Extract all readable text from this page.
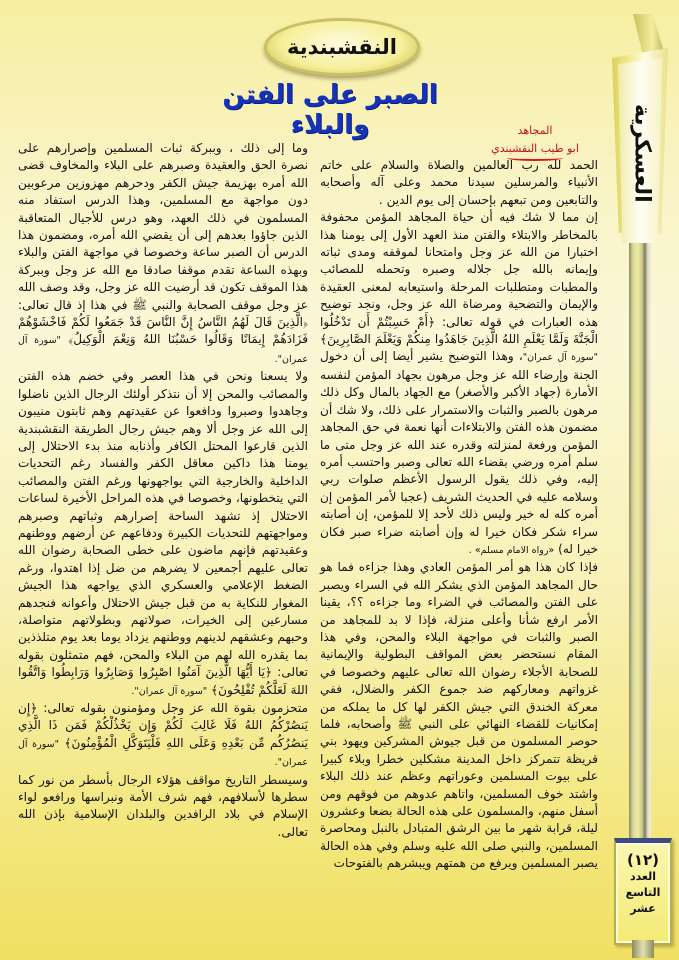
العسكرية
(١٢)
العدد
التاسع
عشر
النقشبندية
الصبر على الفتن والبلاء	المجاهد
ابو طيب النقشبندي

الحمد لله رب العالمين والصلاة والسلام على خاتم الأنبياء والمرسلين سيدنا محمد وعلى آله وأصحابه والتابعين ومن تبعهم بإحسان إلى يوم الدين .

إن مما لا شك فيه أن حياة المجاهد المؤمن محفوفة بالمخاطر والابتلاء والفتن منذ العهد الأول إلى يومنا هذا اختبارا من الله عز وجل وامتحانا لموقفه ومدى ثباته وإيمانه بالله جل جلاله وصبره وتحمله للمصائب والمطبات ومتطلبات المرحلة واستيعابه لمعنى العقيدة والإيمان والتضحية ومرضاة الله عز وجل، ونجد توضيح هذه العبارات في قوله تعالى: ﴿أَمْ حَسِبْتُمْ أَن تَدْخُلُوا الْجَنَّةَ وَلَمَّا يَعْلَمِ اللهُ الَّذِينَ جَاهَدُوا مِنكُمْ وَيَعْلَمَ الصَّابِرِينَ﴾ "سورة آل عمران"، وهذا التوضيح يشير أيضا إلى أن دخول الجنة وإرضاء الله عز وجل مرهون بجهاد المؤمن لنفسه الأمارة (جهاد الأكبر والأصغر) مع الجهاد بالمال وكل ذلك مرهون بالصبر والثبات والاستمرار على ذلك، ولا شك أن مضمون هذه الفتن والابتلاءات أنها نعمة في حق المجاهد المؤمن ورفعة لمنزلته وقدره عند الله عز وجل متى ما سلم أمره ورضي بقضاء الله تعالى وصبر واحتسب أمره إليه، وفي ذلك يقول الرسول الأعظم صلوات ربي وسلامه عليه في الحديث الشريف (عجبا لأمر المؤمن إن أمره كله له خير وليس ذلك لأحد إلا للمؤمن، إن أصابته سراء شكر فكان خيرا له وإن أصابته ضراء صبر فكان خيرا له) «رواه الامام مسلم» .

فإذا كان هذا هو أمر المؤمن العادي وهذا جزاءه فما هو حال المجاهد المؤمن الذي يشكر الله في السراء ويصبر على الفتن والمصائب في الضراء وما جزاءه ؟؟، يقينا الأمر ارفع شأنا وأعلى منزلة، فإذا لا بد للمجاهد من الصبر والثبات في مواجهة البلاء والمحن، وفي هذا المقام نستحضر بعض المواقف البطولية والإيمانية للصحابة الأجلاء رضوان الله تعالى عليهم وخصوصا في غزواتهم ومعاركهم ضد جموع الكفر والضلال، ففي معركة الخندق التي جيش الكفر لها كل ما يملكه من إمكانيات للقضاء النهائي على النبي ﷺ وأصحابه، فلما حوصر المسلمون من قبل جيوش المشركين ويهود بني قريظة تتمركز داخل المدينة مشكلين خطرا وبلاء كبيرا على بيوت المسلمين وعوراتهم وعظم عند ذلك البلاء واشتد خوف المسلمين، واتاهم عدوهم من فوقهم ومن أسفل منهم، والمسلمون على هذه الحالة بضعا وعشرون ليلة، قرابة شهر ما بين الرشق المتبادل بالنبل ومحاصرة المسلمين، والنبي صلى الله عليه وسلم وفي هذه الحالة يصبر المسلمين ويرفع من همتهم ويبشرهم بالفتوحات

وما إلى ذلك ، وببركة ثبات المسلمين وإصرارهم على نصرة الحق والعقيدة وصبرهم على البلاء والمخاوف قضى الله أمره بهزيمة جيش الكفر ودحرهم مهزوزين مرعوبين دون مواجهة مع المسلمين، وهذا الدرس استفاد منه المسلمون في ذلك العهد، وهو درس للأجيال المتعاقبة الذين جاؤوا بعدهم إلى أن يقضي الله أمره، ومضمون هذا الدرس أن الصبر ساعة وخصوصا في مواجهة الفتن والبلاء وبهذه الساعة تقدم موقفا صادقا مع الله عز وجل وببركة هذا الموقف تكون قد أرضيت الله عز وجل، وقد وصف الله عز وجل موقف الصحابة والنبي ﷺ في هذا إذ قال تعالى: ﴿الَّذِينَ قَالَ لَهُمُ النَّاسُ إِنَّ النَّاسَ قَدْ جَمَعُوا لَكُمْ فَاخْشَوْهُمْ فَزَادَهُمْ إِيمَانًا وَقَالُوا حَسْبُنَا اللهُ وَنِعْمَ الْوَكِيلُ﴾ "سورة آل عمران".

ولا يسعنا ونحن في هذا العصر وفي خضم هذه الفتن والمصائب والمحن إلا أن نتذكر أولئك الرجال الذين ناضلوا وجاهدوا وصبروا ودافعوا عن عقيدتهم وهم ثابتون منيبون إلى الله عز وجل ألا وهم جيش رجال الطريقة النقشبندية الذين قارعوا المحتل الكافر وأذنابه منذ بدء الاحتلال إلى يومنا هذا داكين معاقل الكفر والفساد رغم التحديات الداخلية والخارجية التي يواجهونها ورغم الفتن والمصائب التي يتخطونها، وخصوصا في هذه المراحل الأخيرة لساعات الاحتلال إذ تشهد الساحة إصرارهم وثباتهم وصبرهم ومواجهتهم للتحديات الكبيرة ودفاعهم عن أرضهم ووطنهم وعقيدتهم فإنهم ماضون على خطى الصحابة رضوان الله تعالى عليهم أجمعين لا يضرهم من ضل إذا اهتدوا، ورغم الضغط الإعلامي والعسكري الذي يواجهه هذا الجيش المغوار للنكاية به من قبل جيش الاحتلال وأعوانه فنجدهم مسارعين إلى الخيرات، صولاتهم وبطولاتهم متواصلة، وحبهم وعشقهم لدينهم ووطنهم يزداد يوما بعد يوم متلذذين بما يقدره الله لهم من البلاء والمحن، فهم متمثلون بقوله تعالى: ﴿يَا أَيُّهَا الَّذِينَ آمَنُوا اصْبِرُوا وَصَابِرُوا وَرَابِطُوا وَاتَّقُوا اللهَ لَعَلَّكُمْ تُفْلِحُونَ﴾ "سورة آل عمران".

متحزمون بقوة الله عز وجل ومؤمنون بقوله تعالى: ﴿إِن يَنصُرْكُمُ اللهُ فَلَا غَالِبَ لَكُمْ وَإِن يَخْذُلْكُمْ فَمَن ذَا الَّذِي يَنصُرُكُم مِّن بَعْدِهِ وَعَلَى اللهِ فَلْيَتَوَكَّلِ الْمُؤْمِنُونَ﴾ "سورة آل عمران".

وسيسطر التاريخ مواقف هؤلاء الرجال بأسطر من نور كما سطرها لأسلافهم، فهم شرف الأمة ونبراسها ورافعو لواء الإسلام في بلاد الرافدين والبلدان الإسلامية بإذن الله تعالى.
